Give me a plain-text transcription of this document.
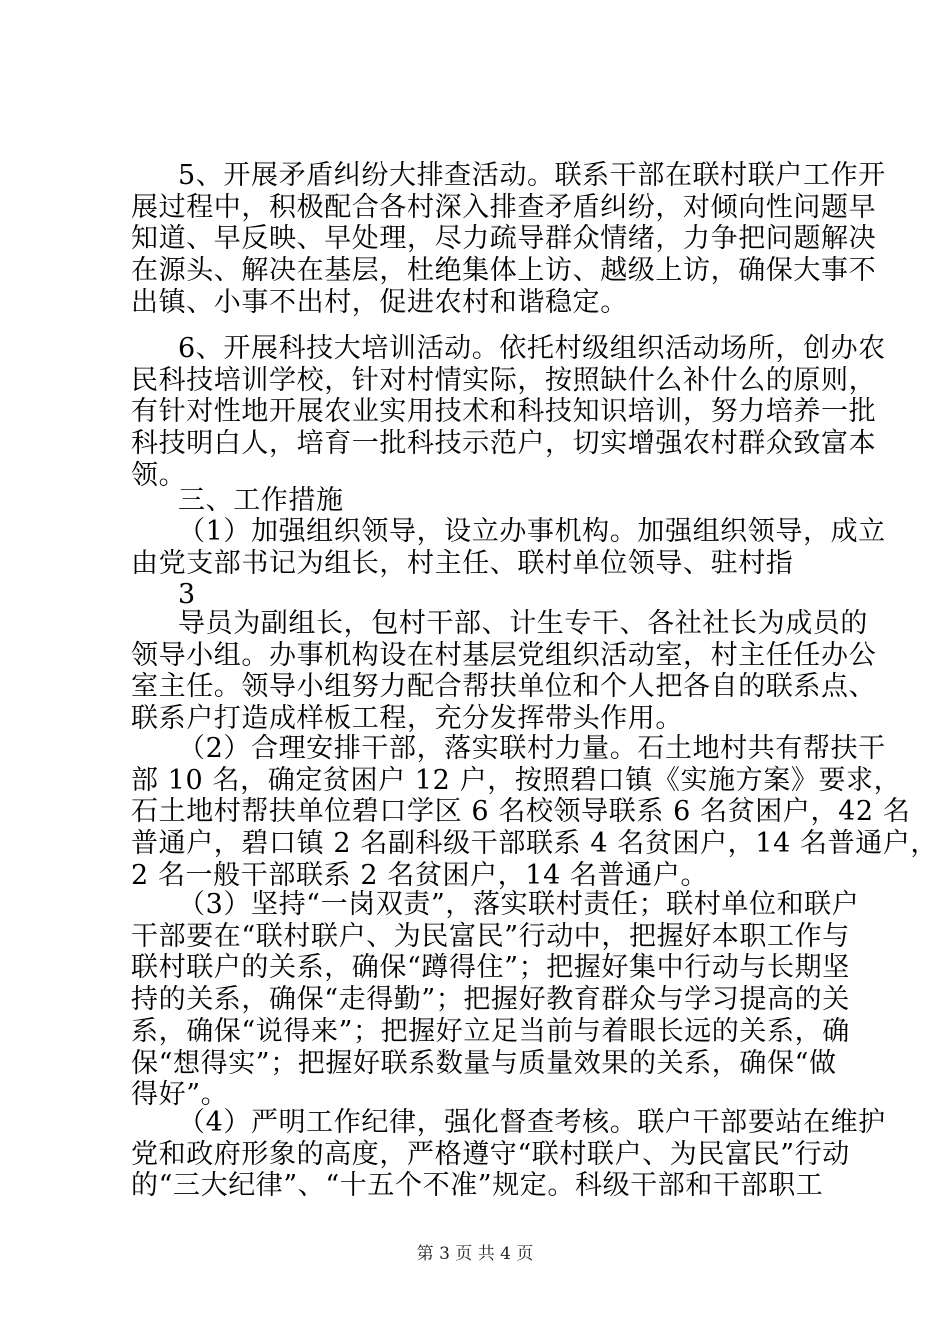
5、开展矛盾纠纷大排查活动。联系干部在联村联户工作开
展过程中，积极配合各村深入排查矛盾纠纷，对倾向性问题早
知道、早反映、早处理，尽力疏导群众情绪，力争把问题解决
在源头、解决在基层，杜绝集体上访、越级上访，确保大事不
出镇、小事不出村，促进农村和谐稳定。
6、开展科技大培训活动。依托村级组织活动场所，创办农
民科技培训学校，针对村情实际，按照缺什么补什么的原则，
有针对性地开展农业实用技术和科技知识培训，努力培养一批
科技明白人，培育一批科技示范户，切实增强农村群众致富本
领。
三、工作措施
（1）加强组织领导，设立办事机构。加强组织领导，成立
由党支部书记为组长，村主任、联村单位领导、驻村指
3
导员为副组长，包村干部、计生专干、各社社长为成员的
领导小组。办事机构设在村基层党组织活动室，村主任任办公
室主任。领导小组努力配合帮扶单位和个人把各自的联系点、
联系户打造成样板工程，充分发挥带头作用。
（2）合理安排干部，落实联村力量。石土地村共有帮扶干
部 10 名，确定贫困户 12 户，按照碧口镇《实施方案》要求，
石土地村帮扶单位碧口学区 6 名校领导联系 6 名贫困户，42 名
普通户，碧口镇 2 名副科级干部联系 4 名贫困户，14 名普通户，
2 名一般干部联系 2 名贫困户，14 名普通户。
（3）坚持“一岗双责”，落实联村责任；联村单位和联户
干部要在“联村联户、为民富民”行动中，把握好本职工作与
联村联户的关系，确保“蹲得住”；把握好集中行动与长期坚
持的关系，确保“走得勤”；把握好教育群众与学习提高的关
系，确保“说得来”；把握好立足当前与着眼长远的关系，确
保“想得实”；把握好联系数量与质量效果的关系，确保“做
得好”。
（4）严明工作纪律，强化督查考核。联户干部要站在维护
党和政府形象的高度，严格遵守“联村联户、为民富民”行动
的“三大纪律”、“十五个不准”规定。科级干部和干部职工
第 3 页 共 4 页
